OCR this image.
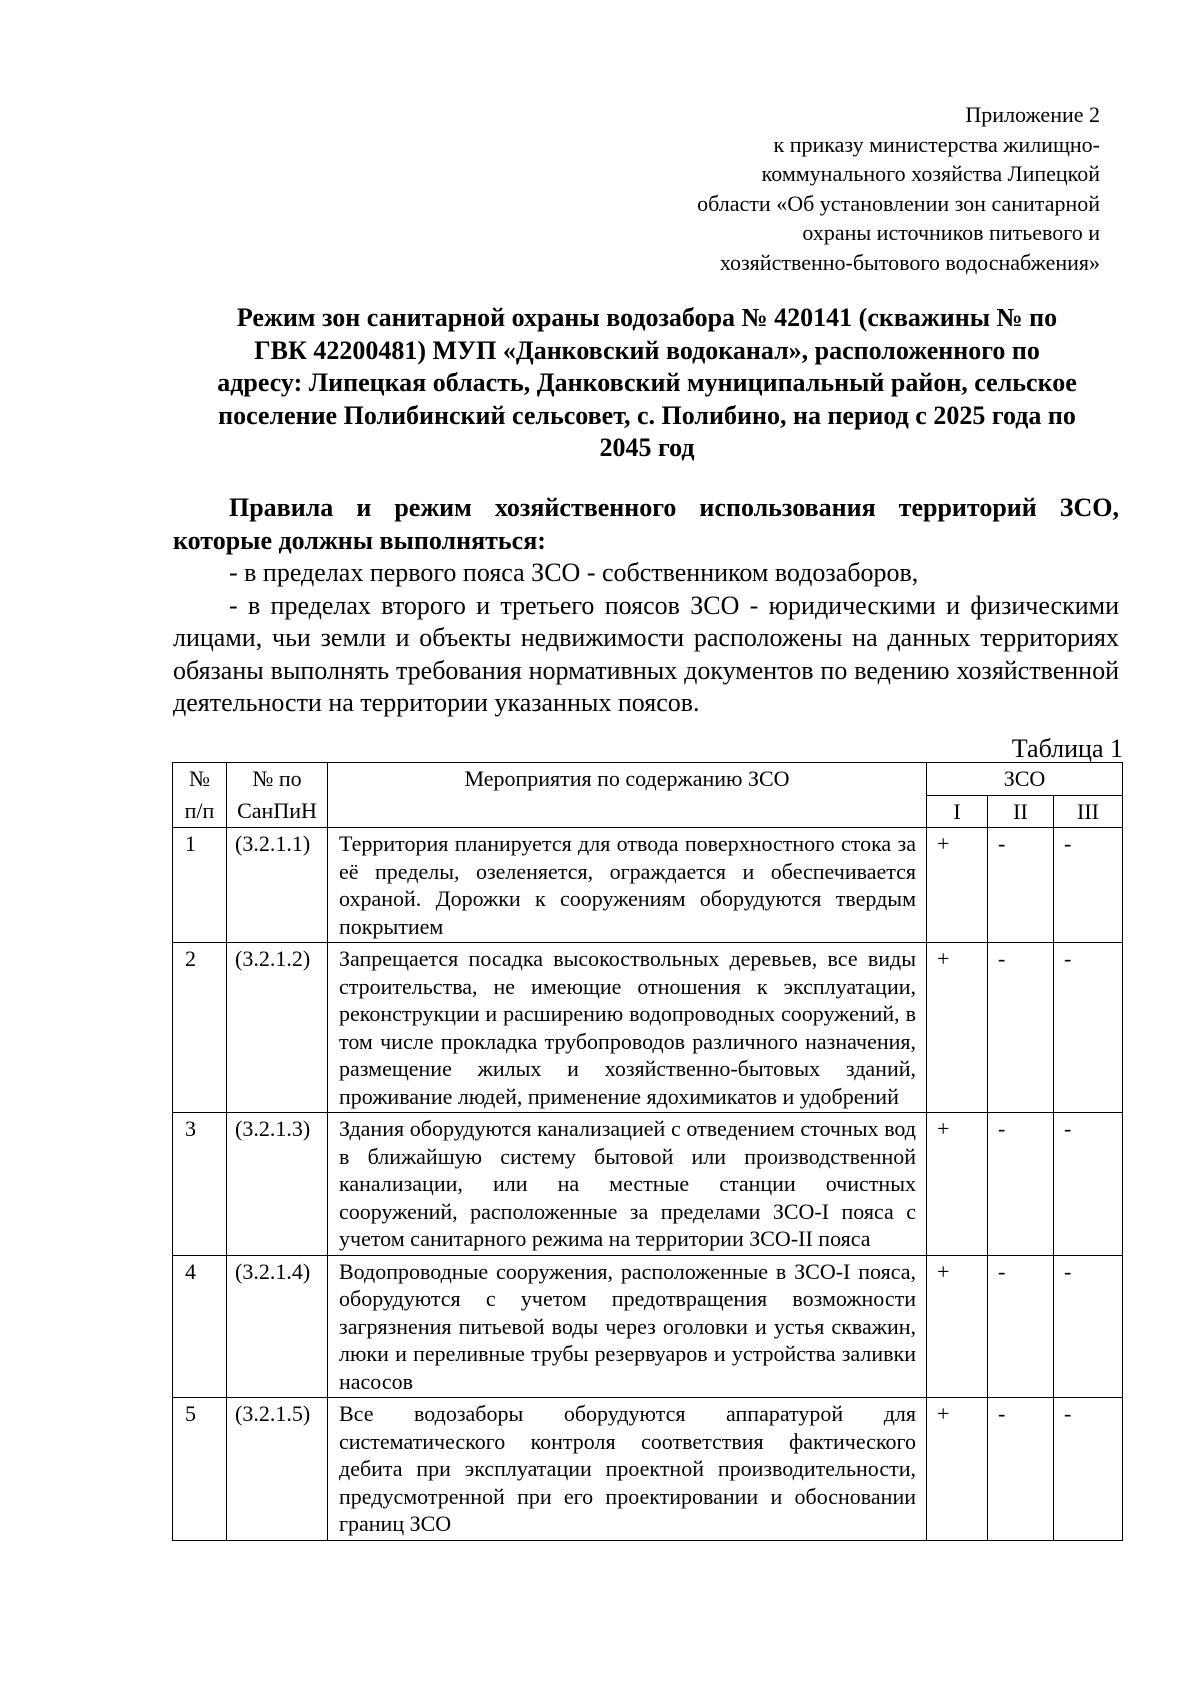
Приложение 2
к приказу министерства жилищно-
коммунального хозяйства Липецкой
области «Об установлении зон санитарной
охраны источников питьевого и
хозяйственно-бытового водоснабжения»
Режим зон санитарной охраны водозабора № 420141 (скважины № по
ГВК 42200481) МУП «Данковский водоканал», расположенного по
адресу: Липецкая область, Данковский муниципальный район, сельское
поселение Полибинский сельсовет, с. Полибино, на период с 2025 года по
2045 год
Правила и режим хозяйственного использования территорий ЗСО, которые должны выполняться:
- в пределах первого пояса ЗСО - собственником водозаборов,
- в пределах второго и третьего поясов ЗСО - юридическими и физическими лицами, чьи земли и объекты недвижимости расположены на данных территориях обязаны выполнять требования нормативных документов по ведению хозяйственной деятельности на территории указанных поясов.
Таблица 1
№	№ по	Мероприятия по содержанию ЗСО	ЗСО		
п/п	СанПиН		I	II	III
1	(3.2.1.1)	Территория планируется для отвода поверхностного стока за её пределы, озеленяется, ограждается и обеспечивается охраной. Дорожки к сооружениям оборудуются твердым покрытием	+	-	-
2	(3.2.1.2)	Запрещается посадка высокоствольных деревьев, все виды строительства, не имеющие отношения к эксплуатации, реконструкции и расширению водопроводных сооружений, в том числе прокладка трубопроводов различного назначения, размещение жилых и хозяйственно-бытовых зданий, проживание людей, применение ядохимикатов и удобрений	+	-	-
3	(3.2.1.3)	Здания оборудуются канализацией с отведением сточных вод в ближайшую систему бытовой или производственной канализации, или на местные станции очистных сооружений, расположенные за пределами ЗСО-I пояса с учетом санитарного режима на территории ЗСО-II пояса	+	-	-
4	(3.2.1.4)	Водопроводные сооружения, расположенные в ЗСО-I пояса, оборудуются с учетом предотвращения возможности загрязнения питьевой воды через оголовки и устья скважин, люки и переливные трубы резервуаров и устройства заливки насосов	+	-	-
5	(3.2.1.5)	Все водозаборы оборудуются аппаратурой для систематического контроля соответствия фактического дебита при эксплуатации проектной производительности, предусмотренной при его проектировании и обосновании границ ЗСО	+	-	-
